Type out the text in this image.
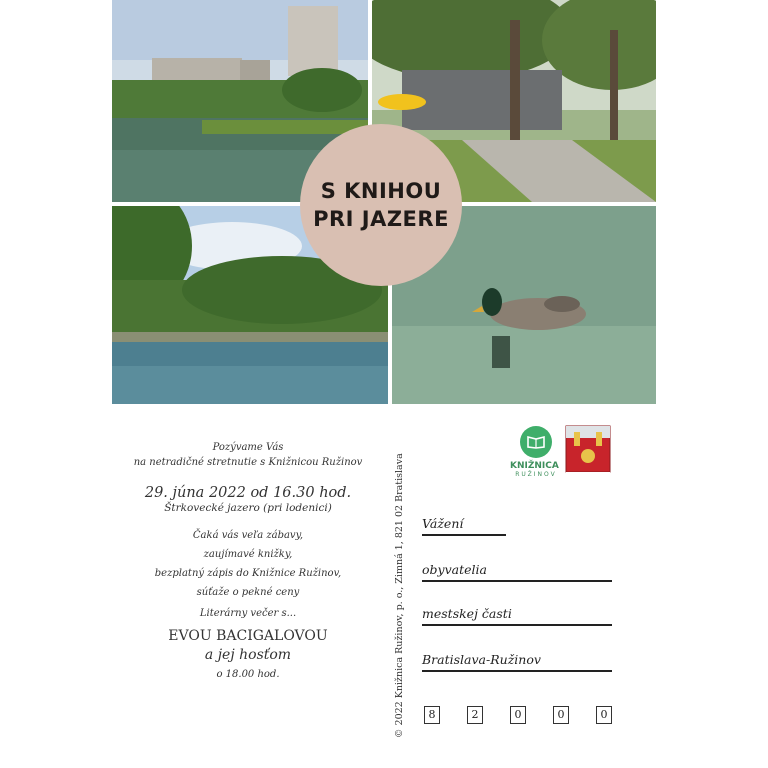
S KNIHOU
PRI JAZERE
Pozývame Vás
na netradičné stretnutie s Knižnicou Ružinov
29. júna 2022 od 16.30 hod.
Štrkovecké jazero (pri lodenici)
Čaká vás veľa zábavy,
zaujímavé knižky,
bezplatný zápis do Knižnice Ružinov,
súťaže o pekné ceny
Literárny večer s...
EVOU BACIGALOVOU
a jej hosťom
o 18.00 hod.	© 2022 Knižnica Ružinov, p. o., Zimná 1, 821 02 Bratislava	KNIŽNICA
RUŽINOV
Vážení
obyvatelia
mestskej časti
Bratislava-Ružinov
8	2	0	0	0
